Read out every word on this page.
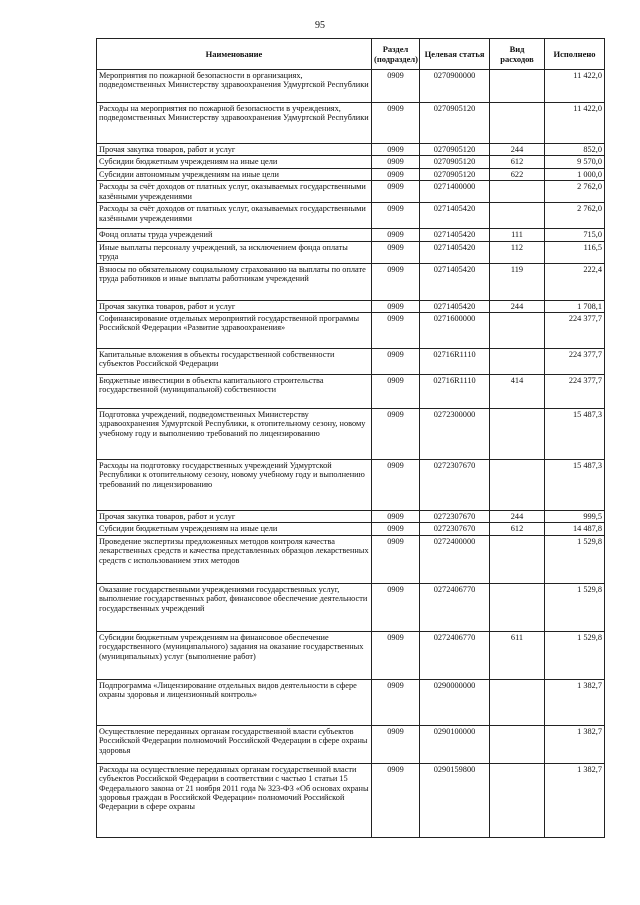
95
Наименование	Раздел (подраздел)	Целевая статья	Вид расходов	Исполнено
Мероприятия по пожарной безопасности в организациях, подведомственных Министерству здравоохранения Удмуртской Республики	0909	0270900000		11 422,0
Расходы на мероприятия по пожарной безопасности в учреждениях, подведомственных Министерству здравоохранения Удмуртской Республики	0909	0270905120		11 422,0
Прочая закупка товаров, работ и услуг	0909	0270905120	244	852,0
Субсидии бюджетным учреждениям на иные цели	0909	0270905120	612	9 570,0
Субсидии автономным учреждениям на иные цели	0909	0270905120	622	1 000,0
Расходы за счёт доходов от платных услуг, оказываемых государственными казёнными учреждениями	0909	0271400000		2 762,0
Расходы за счёт доходов от платных услуг, оказываемых государственными казёнными учреждениями	0909	0271405420		2 762,0
Фонд оплаты труда учреждений	0909	0271405420	111	715,0
Иные выплаты персоналу учреждений, за исключением фонда оплаты труда	0909	0271405420	112	116,5
Взносы по обязательному социальному страхованию на выплаты по оплате труда работников и иные выплаты работникам учреждений	0909	0271405420	119	222,4
Прочая закупка товаров, работ и услуг	0909	0271405420	244	1 708,1
Софинансирование отдельных мероприятий государственной программы Российской Федерации «Развитие здравоохранения»	0909	0271600000		224 377,7
Капитальные вложения в объекты государственной собственности субъектов Российской Федерации	0909	02716R1110		224 377,7
Бюджетные инвестиции в объекты капитального строительства государственной (муниципальной) собственности	0909	02716R1110	414	224 377,7
Подготовка учреждений, подведомственных Министерству здравоохранения Удмуртской Республики, к отопительному сезону, новому учебному году и выполнению требований по лицензированию	0909	0272300000		15 487,3
Расходы на подготовку государственных учреждений Удмуртской Республики к отопительному сезону, новому учебному году и выполнению требований по лицензированию	0909	0272307670		15 487,3
Прочая закупка товаров, работ и услуг	0909	0272307670	244	999,5
Субсидии бюджетным учреждениям на иные цели	0909	0272307670	612	14 487,8
Проведение экспертизы предложенных методов контроля качества лекарственных средств и качества представленных образцов лекарственных средств с использованием этих методов	0909	0272400000		1 529,8
Оказание государственными учреждениями государственных услуг, выполнение государственных работ, финансовое обеспечение деятельности государственных учреждений	0909	0272406770		1 529,8
Субсидии бюджетным учреждениям на финансовое обеспечение государственного (муниципального) задания на оказание государственных (муниципальных) услуг (выполнение работ)	0909	0272406770	611	1 529,8
Подпрограмма «Лицензирование отдельных видов деятельности в сфере охраны здоровья и лицензионный контроль»	0909	0290000000		1 382,7
Осуществление переданных органам государственной власти субъектов Российской Федерации полномочий Российской Федерации в сфере охраны здоровья	0909	0290100000		1 382,7
Расходы на осуществление переданных органам государственной власти субъектов Российской Федерации в соответствии с частью 1 статьи 15 Федерального закона от 21 ноября 2011 года № 323-ФЗ «Об основах охраны здоровья граждан в Российской Федерации» полномочий Российской Федерации в сфере охраны	0909	0290159800		1 382,7
